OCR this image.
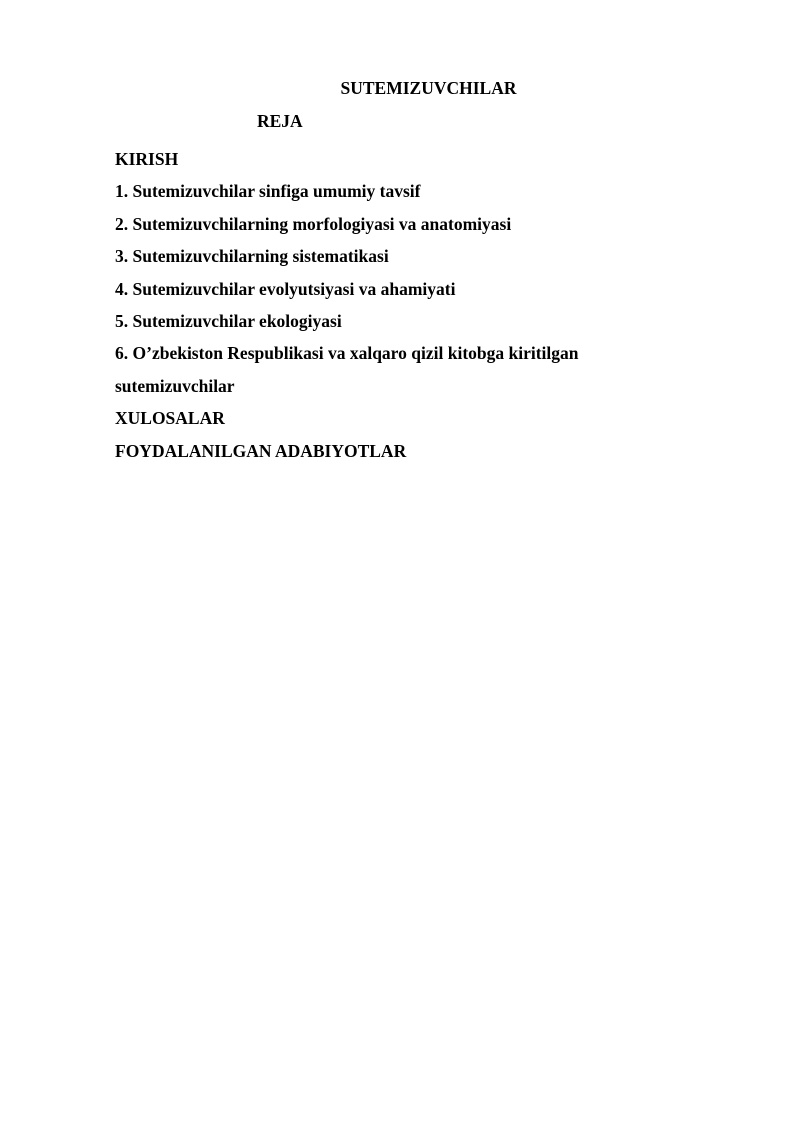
SUTEMIZUVCHILAR
REJA
KIRISH
1. Sutemizuvchilar sinfiga umumiy tavsif
2. Sutemizuvchilarning morfologiyasi va anatomiyasi
3. Sutemizuvchilarning sistematikasi
4. Sutemizuvchilar evolyutsiyasi va ahamiyati
5. Sutemizuvchilar ekologiyasi
6. O’zbekiston Respublikasi va xalqaro qizil kitobga kiritilgan
sutemizuvchilar
XULOSALAR
FOYDALANILGAN ADABIYOTLAR
